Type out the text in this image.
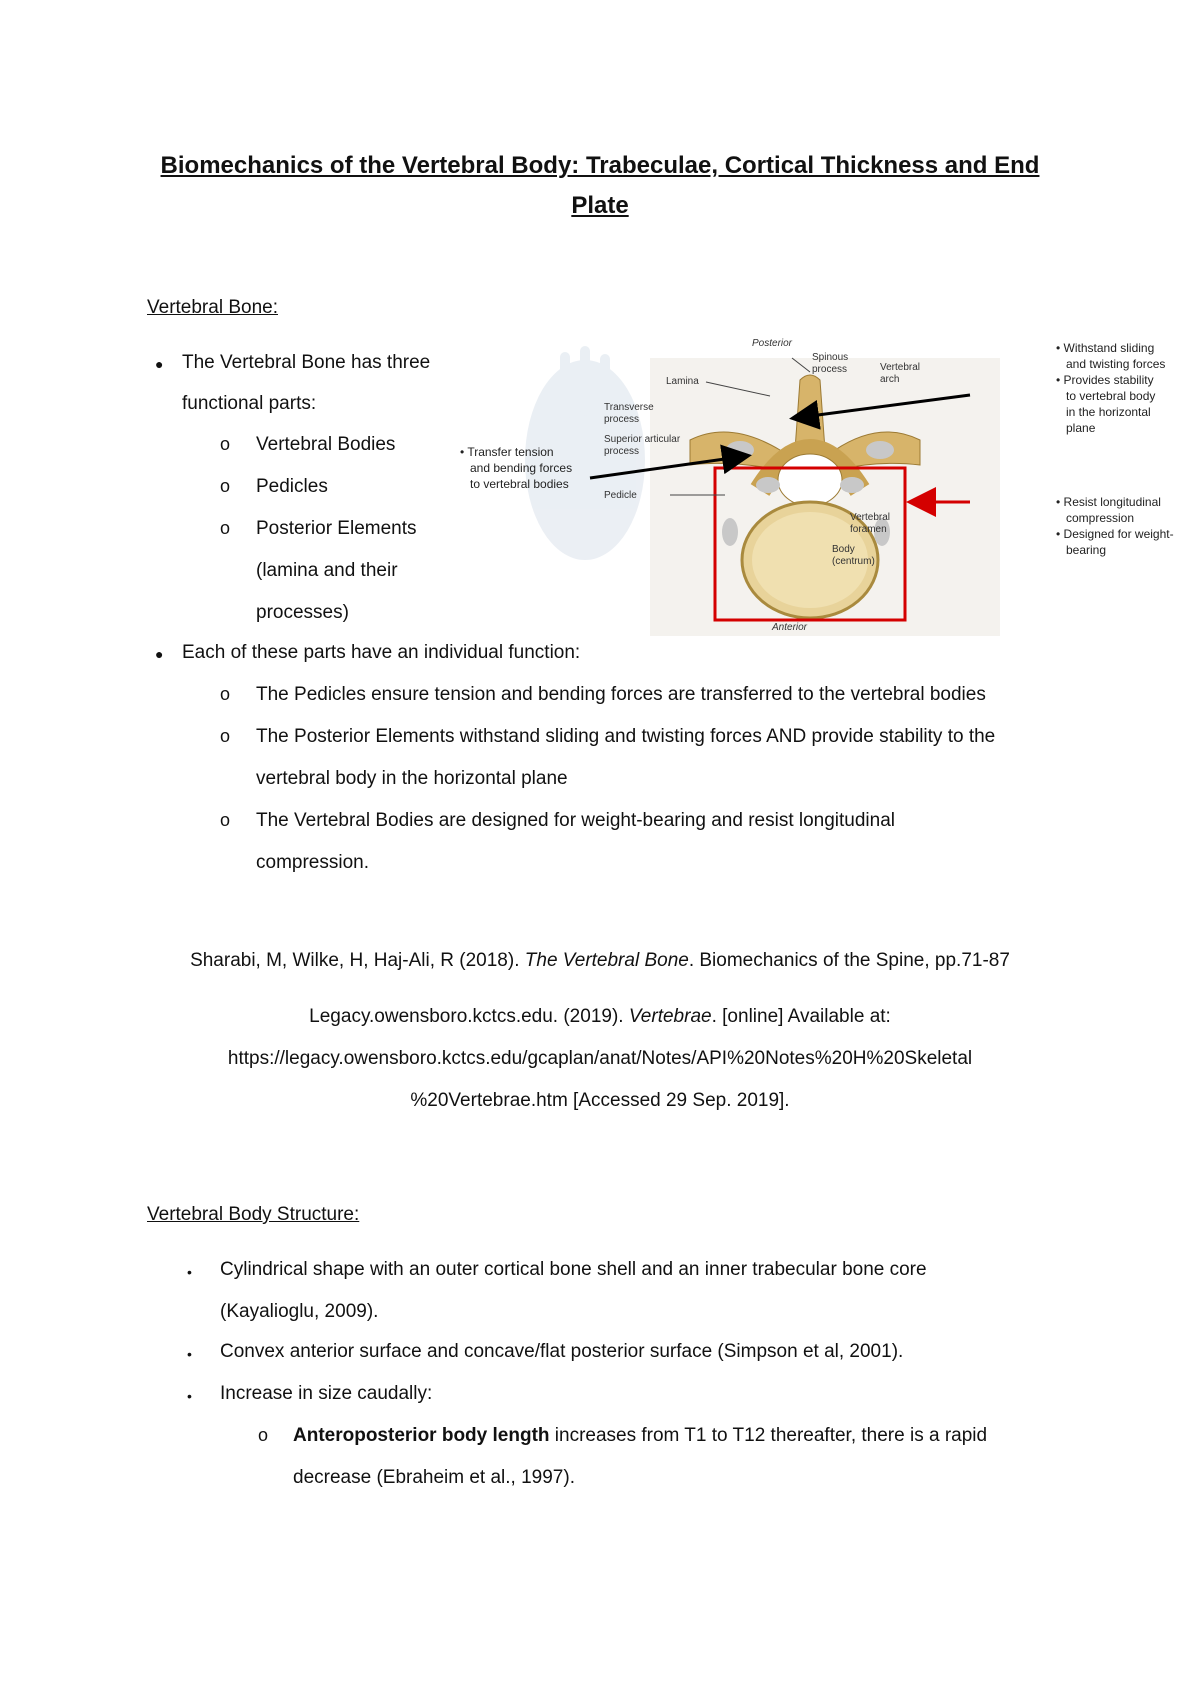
Biomechanics of the Vertebral Body: Trabeculae, Cortical Thickness and End Plate
Vertebral Bone:
● The Vertebral Bone has three
functional parts:
o Vertebral Bodies
o Pedicles
o Posterior Elements
(lamina and their
processes)
● Each of these parts have an individual function:
o The Pedicles ensure tension and bending forces are transferred to the vertebral bodies
o The Posterior Elements withstand sliding and twisting forces AND provide stability to the
vertebral body in the horizontal plane
o The Vertebral Bodies are designed for weight-bearing and resist longitudinal
compression.
Posterior
Spinous process	Vertebral arch
Lamina
Transverse process
Superior articular process
Pedicle
Vertebral foramen
Body (centrum)
Anterior
• Transfer tension
and bending forces
to vertebral bodies
• Withstand sliding
and twisting forces
• Provides stability
to vertebral body
in the horizontal
plane
• Resist longitudinal
compression
• Designed for weight-
bearing
Sharabi, M, Wilke, H, Haj-Ali, R (2018). The Vertebral Bone. Biomechanics of the Spine, pp.71-87
Legacy.owensboro.kctcs.edu. (2019). Vertebrae. [online] Available at:
https://legacy.owensboro.kctcs.edu/gcaplan/anat/Notes/API%20Notes%20H%20Skeletal
%20Vertebrae.htm [Accessed 29 Sep. 2019].
Vertebral Body Structure:
• Cylindrical shape with an outer cortical bone shell and an inner trabecular bone core
(Kayalioglu, 2009).
• Convex anterior surface and concave/flat posterior surface (Simpson et al, 2001).
• Increase in size caudally:
o Anteroposterior body length increases from T1 to T12 thereafter, there is a rapid
decrease (Ebraheim et al., 1997).
